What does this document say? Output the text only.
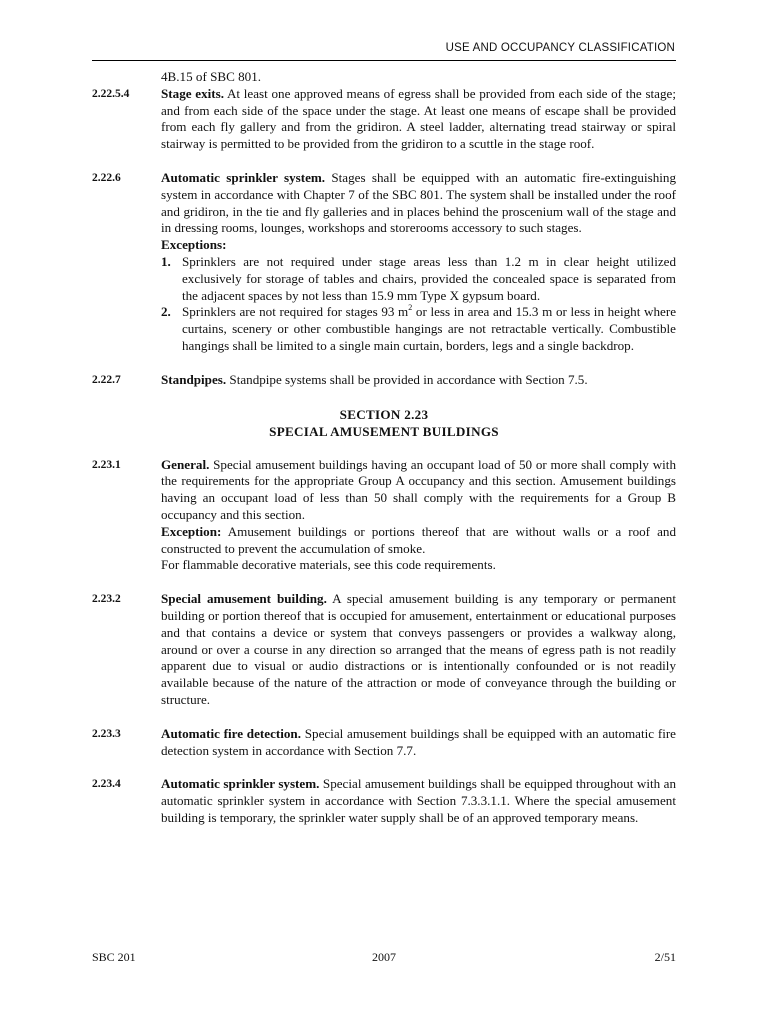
USE AND OCCUPANCY CLASSIFICATION
4B.15 of SBC 801.
2.22.5.4	Stage exits. At least one approved means of egress shall be provided from each side of the stage; and from each side of the space under the stage. At least one means of escape shall be provided from each fly gallery and from the gridiron. A steel ladder, alternating tread stairway or spiral stairway is permitted to be provided from the gridiron to a scuttle in the stage roof.

2.22.6	Automatic sprinkler system. Stages shall be equipped with an automatic fire-extinguishing system in accordance with Chapter 7 of the SBC 801. The system shall be installed under the roof and gridiron, in the tie and fly galleries and in places behind the proscenium wall of the stage and in dressing rooms, lounges, workshops and storerooms accessory to such stages.

Exceptions:

1. Sprinklers are not required under stage areas less than 1.2 m in clear height utilized exclusively for storage of tables and chairs, provided the concealed space is separated from the adjacent spaces by not less than 15.9 mm Type X gypsum board.
2. Sprinklers are not required for stages 93 $m^2$ or less in area and 15.3 m or less in height where curtains, scenery or other combustible hangings are not retractable vertically. Combustible hangings shall be limited to a single main curtain, borders, legs and a single backdrop.
2.22.7	Standpipes. Standpipe systems shall be provided in accordance with Section 7.5.

SECTION 2.23
SPECIAL AMUSEMENT BUILDINGS
2.23.1	General. Special amusement buildings having an occupant load of 50 or more shall comply with the requirements for the appropriate Group A occupancy and this section. Amusement buildings having an occupant load of less than 50 shall comply with the requirements for a Group B occupancy and this section.

Exception: Amusement buildings or portions thereof that are without walls or a roof and constructed to prevent the accumulation of smoke.

For flammable decorative materials, see this code requirements.

2.23.2	Special amusement building. A special amusement building is any temporary or permanent building or portion thereof that is occupied for amusement, entertainment or educational purposes and that contains a device or system that conveys passengers or provides a walkway along, around or over a course in any direction so arranged that the means of egress path is not readily apparent due to visual or audio distractions or is intentionally confounded or is not readily available because of the nature of the attraction or mode of conveyance through the building or structure.

2.23.3	Automatic fire detection. Special amusement buildings shall be equipped with an automatic fire detection system in accordance with Section 7.7.

2.23.4	Automatic sprinkler system. Special amusement buildings shall be equipped throughout with an automatic sprinkler system in accordance with Section 7.3.3.1.1. Where the special amusement building is temporary, the sprinkler water supply shall be of an approved temporary means.

SBC 201	2007	2/51
